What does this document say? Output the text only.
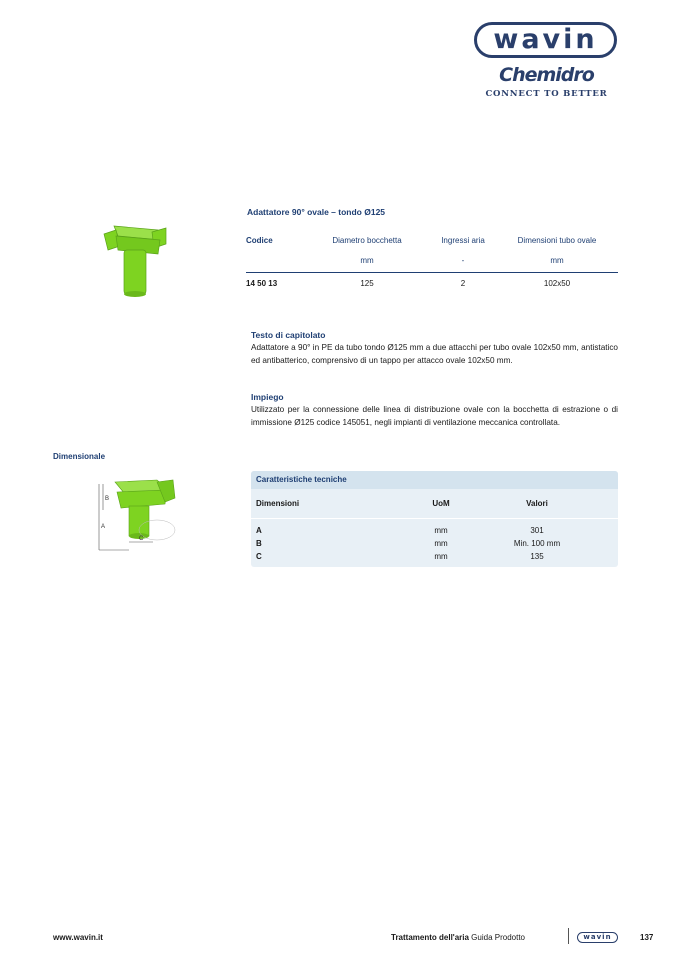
wavin
Chemidro
CONNECT TO BETTER
Adattatore 90° ovale – tondo Ø125
Codice	Diametro bocchetta	Ingressi aria	Dimensioni tubo ovale
	mm	-	mm
14 50 13	125	2	102x50
Testo di capitolato

Adattatore a 90° in PE da tubo tondo Ø125 mm a due attacchi per tubo ovale 102x50 mm, antistatico ed antibatterico, comprensivo di un tappo per attacco ovale 102x50 mm.

Impiego

Utilizzato per la connessione delle linea di distribuzione ovale con la bocchetta di estrazione o di immissione Ø125 codice 145051, negli impianti di ventilazione meccanica controllata.

Dimensionale
B
A
C
Caratteristiche tecniche
Dimensioni	UoM	Valori
A	mm	301
B	mm	Min. 100 mm
C	mm	135
www.wavin.it	Trattamento dell'aria Guida Prodotto	wavin	137
